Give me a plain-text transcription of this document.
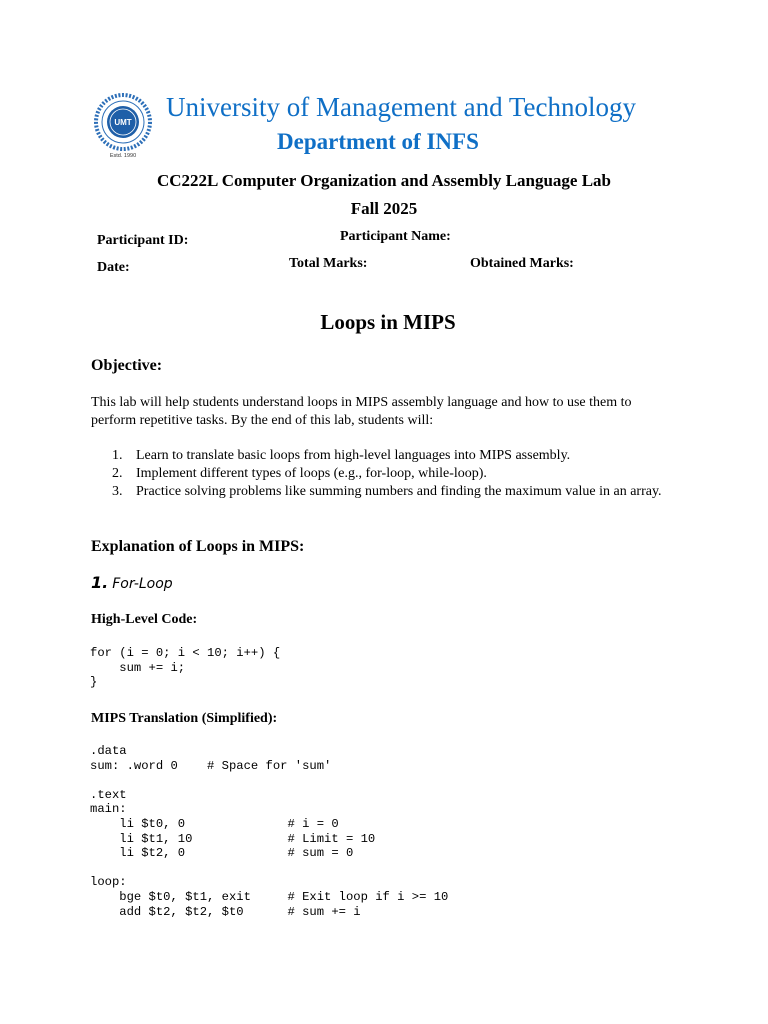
UMT
Estd. 1990
University of Management and Technology
Department of INFS
CC222L Computer Organization and Assembly Language Lab
Fall 2025
Participant ID:	Participant Name:
Date:	Total Marks:	Obtained Marks:
Loops in MIPS
Objective:

This lab will help students understand loops in MIPS assembly language and how to use them to

perform repetitive tasks. By the end of this lab, students will:

1. Learn to translate basic loops from high-level languages into MIPS assembly.
2. Implement different types of loops (e.g., for-loop, while-loop).
3. Practice solving problems like summing numbers and finding the maximum value in an array.
Explanation of Loops in MIPS:
1. For-Loop
High-Level Code:
for (i = 0; i < 10; i++) {
sum += i;
}
MIPS Translation (Simplified):
.data
sum: .word 0    # Space for 'sum'

.text
main:
li $t0, 0              # i = 0
li $t1, 10             # Limit = 10
li $t2, 0              # sum = 0

loop:
bge $t0, $t1, exit     # Exit loop if i >= 10
add $t2, $t2, $t0      # sum += i
